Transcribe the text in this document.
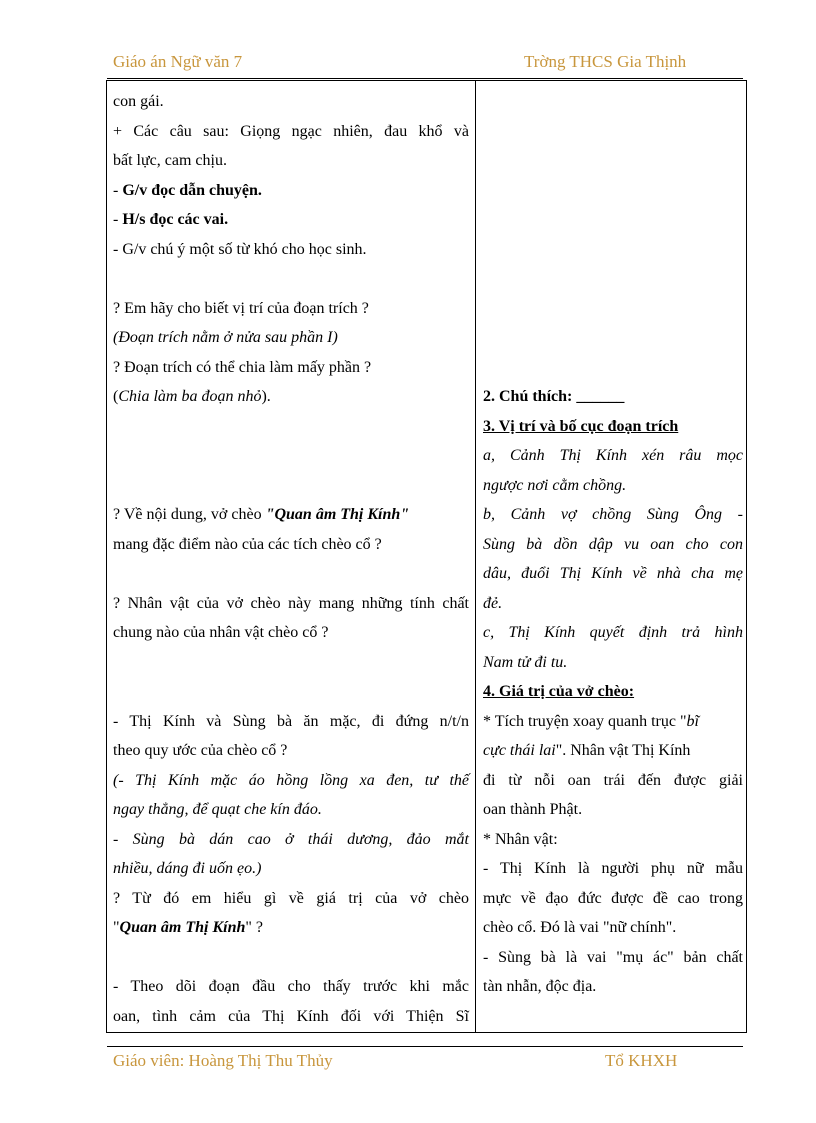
Giáo án Ngữ văn 7	Trờng THCS Gia Thịnh
con gái.
+ Các câu sau: Giọng ngạc nhiên, đau khổ và
bất lực, cam chịu.
- G/v đọc dẫn chuyện.
- H/s đọc các vai.
- G/v chú ý một số từ khó cho học sinh.
? Em hãy cho biết vị trí của đoạn trích ?
(Đoạn trích nằm ở nửa sau phần I)
? Đoạn trích có thể chia làm mấy phần ?
(Chia làm ba đoạn nhỏ).
? Về nội dung, vở chèo "Quan âm Thị Kính"
mang đặc điểm nào của các tích chèo cổ ?
? Nhân vật của vở chèo này mang những tính chất
chung nào của nhân vật chèo cổ ?
- Thị Kính và Sùng bà ăn mặc, đi đứng n/t/n
theo quy ước của chèo cổ ?
(- Thị Kính mặc áo hồng lồng xa đen, tư thế
ngay thẳng, để quạt che kín đáo.
- Sùng bà dán cao ở thái dương, đảo mắt
nhiều, dáng đi uốn ẹo.)
? Từ đó em hiểu gì về giá trị của vở chèo
"Quan âm Thị Kính" ?
- Theo dõi đoạn đầu cho thấy trước khi mắc
oan, tình cảm của Thị Kính đối với Thiện Sĩ
2. Chú thích: ______
3. Vị trí và bố cục đoạn trích
a, Cảnh Thị Kính xén râu mọc
ngược nơi cằm chồng.
b, Cảnh vợ chồng Sùng Ông -
Sùng bà dồn dập vu oan cho con
dâu, đuổi Thị Kính về nhà cha mẹ
đẻ.
c, Thị Kính quyết định trả hình
Nam tử đi tu.
4. Giá trị của vở chèo:
* Tích truyện xoay quanh trục "bĩ
cực thái lai". Nhân vật Thị Kính
đi từ nỗi oan trái đến được giải
oan thành Phật.
* Nhân vật:
- Thị Kính là người phụ nữ mẫu
mực về đạo đức được đề cao trong
chèo cổ. Đó là vai "nữ chính".
- Sùng bà là vai "mụ ác" bản chất
tàn nhẫn, độc địa.
Giáo viên: Hoàng Thị Thu Thủy	Tổ KHXH
